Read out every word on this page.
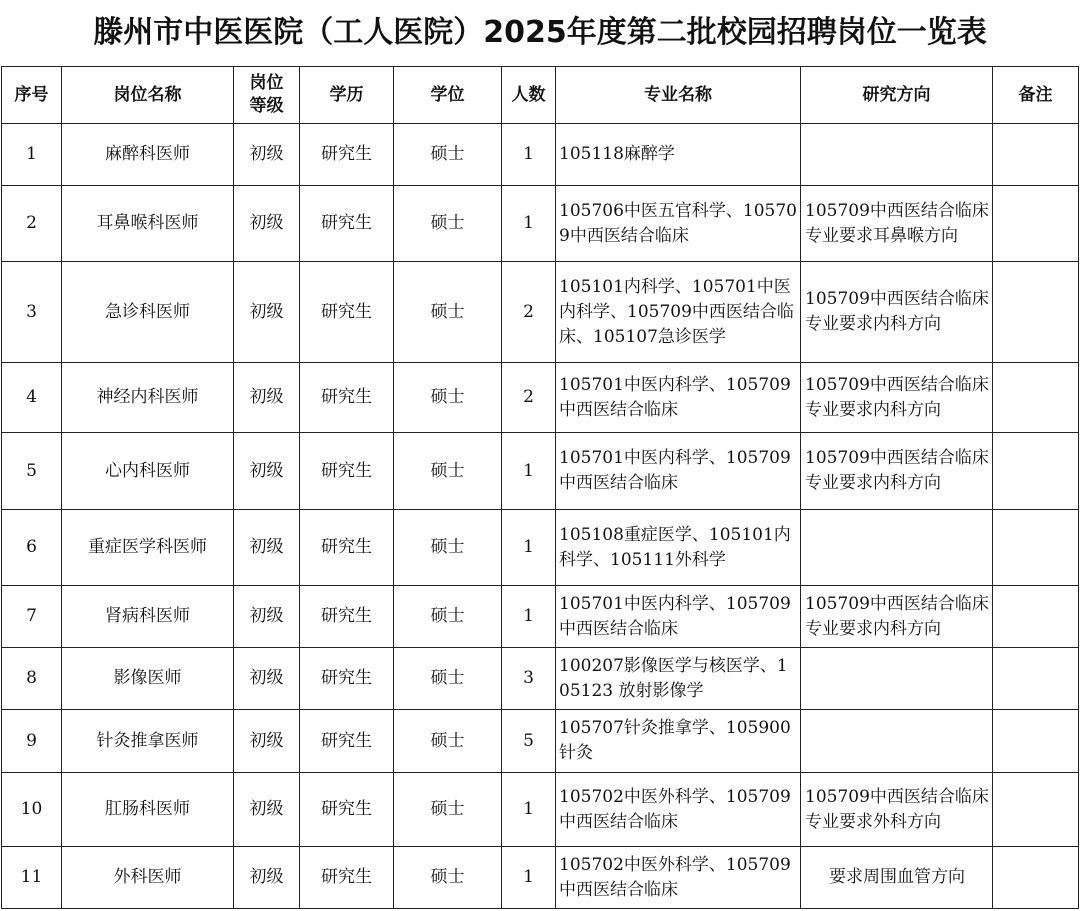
滕州市中医医院（工人医院）2025年度第二批校园招聘岗位一览表
序号	岗位名称	岗位等级	学历	学位	人数	专业名称	研究方向	备注
1	麻醉科医师	初级	研究生	硕士	1	105118麻醉学		
2	耳鼻喉科医师	初级	研究生	硕士	1	105706中医五官科学、105709中西医结合临床	105709中西医结合临床专业要求耳鼻喉方向	
3	急诊科医师	初级	研究生	硕士	2	105101内科学、105701中医内科学、105709中西医结合临床、105107急诊医学	105709中西医结合临床专业要求内科方向	
4	神经内科医师	初级	研究生	硕士	2	105701中医内科学、105709中西医结合临床	105709中西医结合临床专业要求内科方向	
5	心内科医师	初级	研究生	硕士	1	105701中医内科学、105709中西医结合临床	105709中西医结合临床专业要求内科方向	
6	重症医学科医师	初级	研究生	硕士	1	105108重症医学、105101内科学、105111外科学		
7	肾病科医师	初级	研究生	硕士	1	105701中医内科学、105709中西医结合临床	105709中西医结合临床专业要求内科方向	
8	影像医师	初级	研究生	硕士	3	100207影像医学与核医学、105123 放射影像学		
9	针灸推拿医师	初级	研究生	硕士	5	105707针灸推拿学、105900针灸		
10	肛肠科医师	初级	研究生	硕士	1	105702中医外科学、105709中西医结合临床	105709中西医结合临床专业要求外科方向	
11	外科医师	初级	研究生	硕士	1	105702中医外科学、105709中西医结合临床	要求周围血管方向	
